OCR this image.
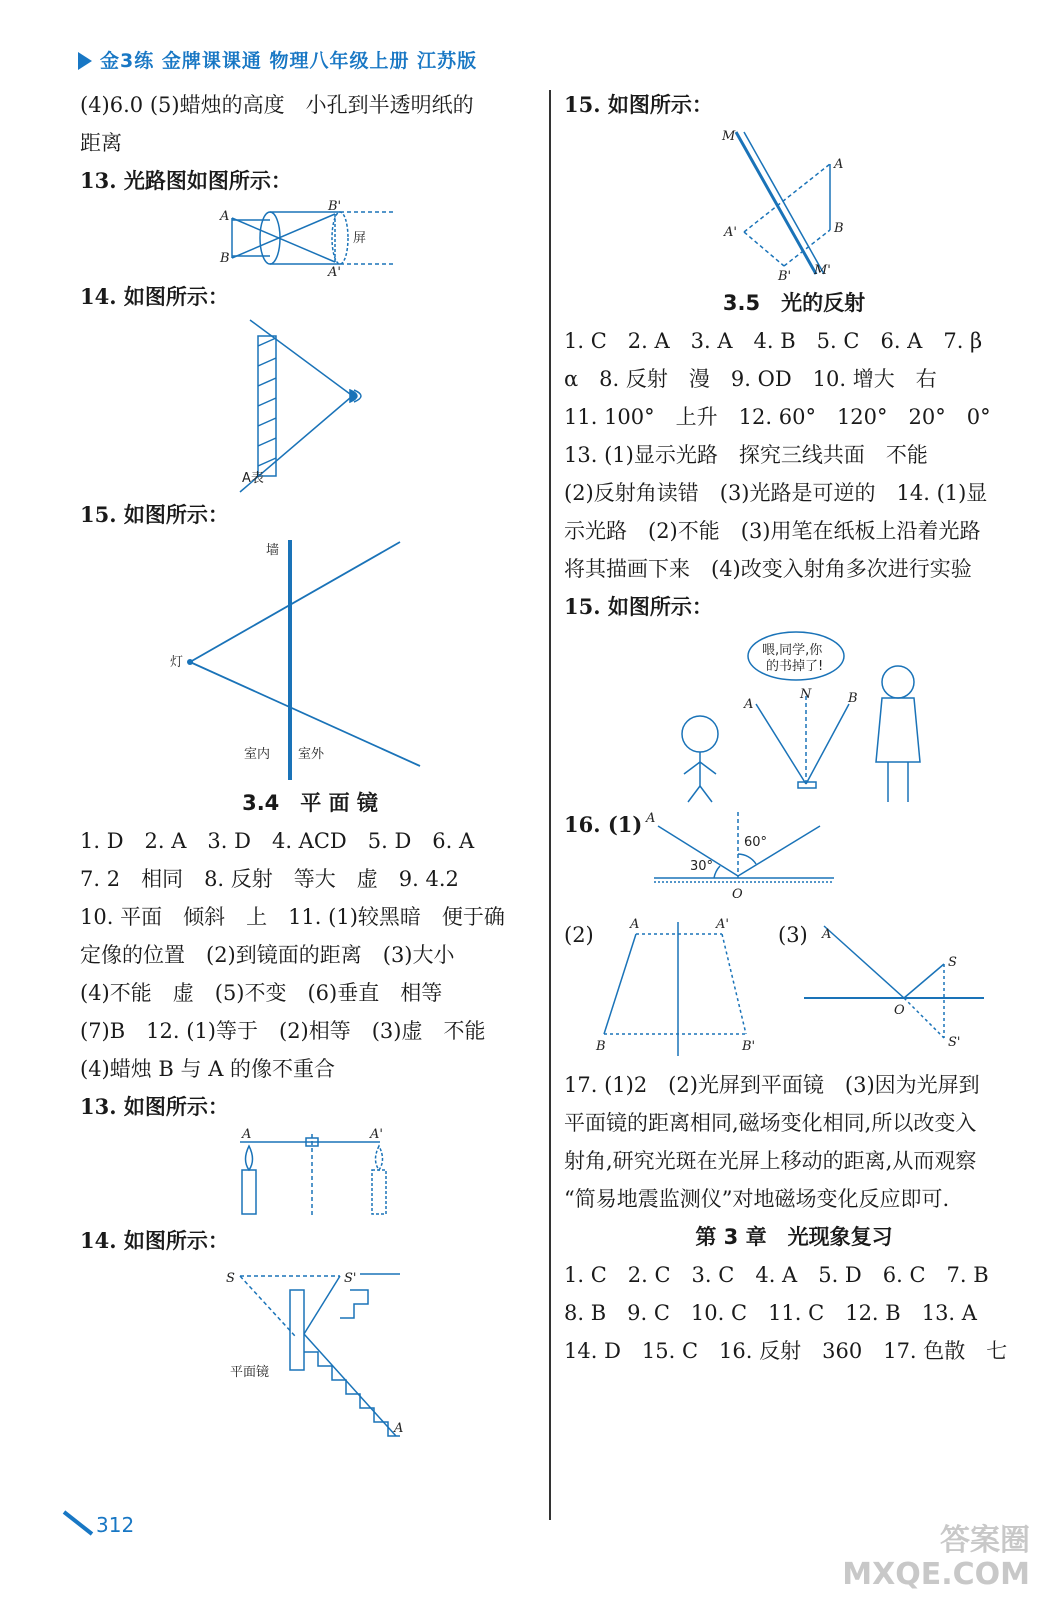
金3练 金牌课课通 物理八年级上册 江苏版
(4)6.0 (5)蜡烛的高度　小孔到半透明纸的
距离
13. 光路图如图所示：
A
B
B'
A'
屏
14. 如图所示：
A表
15. 如图所示：
墙
灯
室内 室外
3.4　平 面 镜
1. D　2. A　3. D　4. ACD　5. D　6. A
7. 2　相同　8. 反射　等大　虚　9. 4.2
10. 平面　倾斜　上　11. (1)较黑暗　便于确
定像的位置　(2)到镜面的距离　(3)大小
(4)不能　虚　(5)不变　(6)垂直　相等
(7)B　12. (1)等于　(2)相等　(3)虚　不能
(4)蜡烛 B 与 A 的像不重合
13. 如图所示：
A	A'
14. 如图所示：
S	S'
A
平面镜
15. 如图所示：
M
A
A'	B
B' M'
3.5　光的反射
1. C　2. A　3. A　4. B　5. C　6. A　7. β
α　8. 反射　漫　9. OD　10. 增大　右
11. 100°　上升　12. 60°　120°　20°　0°
13. (1)显示光路　探究三线共面　不能
(2)反射角读错　(3)光路是可逆的　14. (1)显
示光路　(2)不能　(3)用笔在纸板上沿着光路
将其描画下来　(4)改变入射角多次进行实验
15. 如图所示：
喂,同学,你
的书掉了!
A
N	B
16. (1) A
O
30°
60°
(2)	A	A'
B	B'
(3) A
S
O
S'
17. (1)2　(2)光屏到平面镜　(3)因为光屏到
平面镜的距离相同,磁场变化相同,所以改变入
射角,研究光斑在光屏上移动的距离,从而观察
“简易地震监测仪”对地磁场变化反应即可.
第 3 章　光现象复习
1. C　2. C　3. C　4. A　5. D　6. C　7. B
8. B　9. C　10. C　11. C　12. B　13. A
14. D　15. C　16. 反射　360　17. 色散　七
312	答案圈
MXQE.COM
